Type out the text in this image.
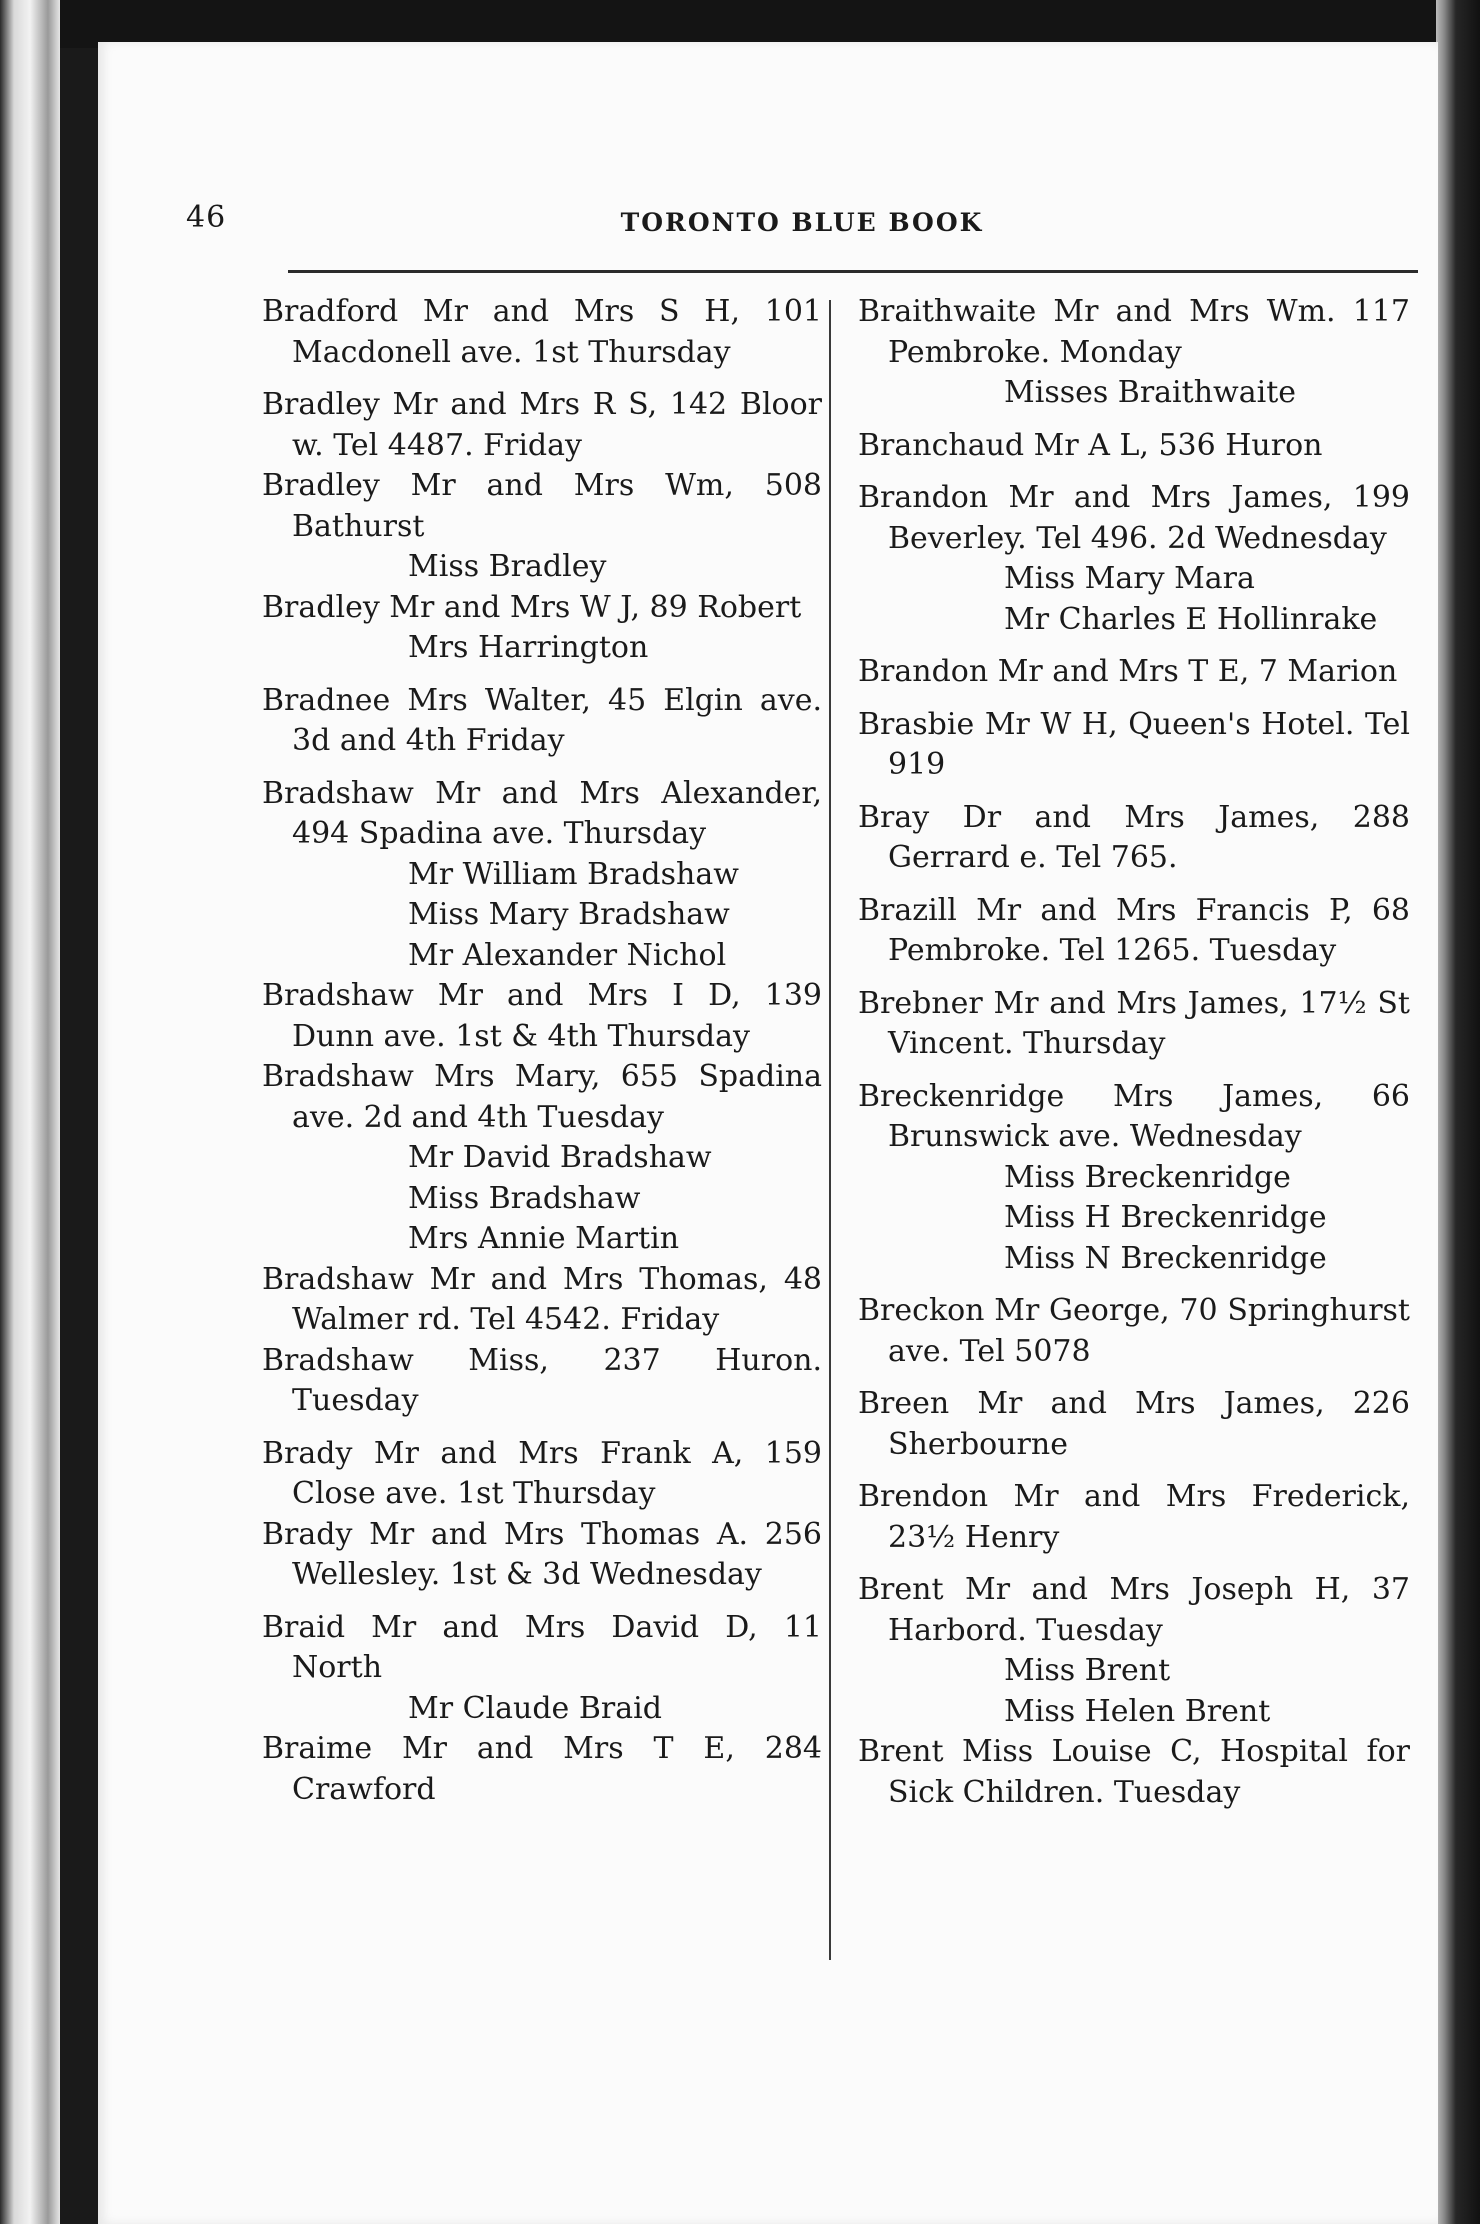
46	TORONTO BLUE BOOK
Bradford Mr and Mrs S H, 101 Macdonell ave. 1st Thursday
Bradley Mr and Mrs R S, 142 Bloor w. Tel 4487. Friday
Bradley Mr and Mrs Wm, 508 Bathurst
Miss Bradley
Bradley Mr and Mrs W J, 89 Robert
Mrs Harrington
Bradnee Mrs Walter, 45 Elgin ave. 3d and 4th Friday
Bradshaw Mr and Mrs Alexander, 494 Spadina ave. Thursday
Mr William Bradshaw
Miss Mary Bradshaw
Mr Alexander Nichol
Bradshaw Mr and Mrs I D, 139 Dunn ave. 1st & 4th Thursday
Bradshaw Mrs Mary, 655 Spadina ave. 2d and 4th Tuesday
Mr David Bradshaw
Miss Bradshaw
Mrs Annie Martin
Bradshaw Mr and Mrs Thomas, 48 Walmer rd. Tel 4542. Friday
Bradshaw Miss, 237 Huron. Tuesday
Brady Mr and Mrs Frank A, 159 Close ave. 1st Thursday
Brady Mr and Mrs Thomas A. 256 Wellesley. 1st & 3d Wednesday
Braid Mr and Mrs David D, 11 North
Mr Claude Braid
Braime Mr and Mrs T E, 284 Crawford
Braithwaite Mr and Mrs Wm. 117 Pembroke. Monday
Misses Braithwaite
Branchaud Mr A L, 536 Huron
Brandon Mr and Mrs James, 199 Beverley. Tel 496. 2d Wednesday
Miss Mary Mara
Mr Charles E Hollinrake
Brandon Mr and Mrs T E, 7 Marion
Brasbie Mr W H, Queen's Hotel. Tel 919
Bray Dr and Mrs James, 288 Gerrard e. Tel 765.
Brazill Mr and Mrs Francis P, 68 Pembroke. Tel 1265. Tuesday
Brebner Mr and Mrs James, 17½ St Vincent. Thursday
Breckenridge Mrs James, 66 Brunswick ave. Wednesday
Miss Breckenridge
Miss H Breckenridge
Miss N Breckenridge
Breckon Mr George, 70 Springhurst ave. Tel 5078
Breen Mr and Mrs James, 226 Sherbourne
Brendon Mr and Mrs Frederick, 23½ Henry
Brent Mr and Mrs Joseph H, 37 Harbord. Tuesday
Miss Brent
Miss Helen Brent
Brent Miss Louise C, Hospital for Sick Children. Tuesday
